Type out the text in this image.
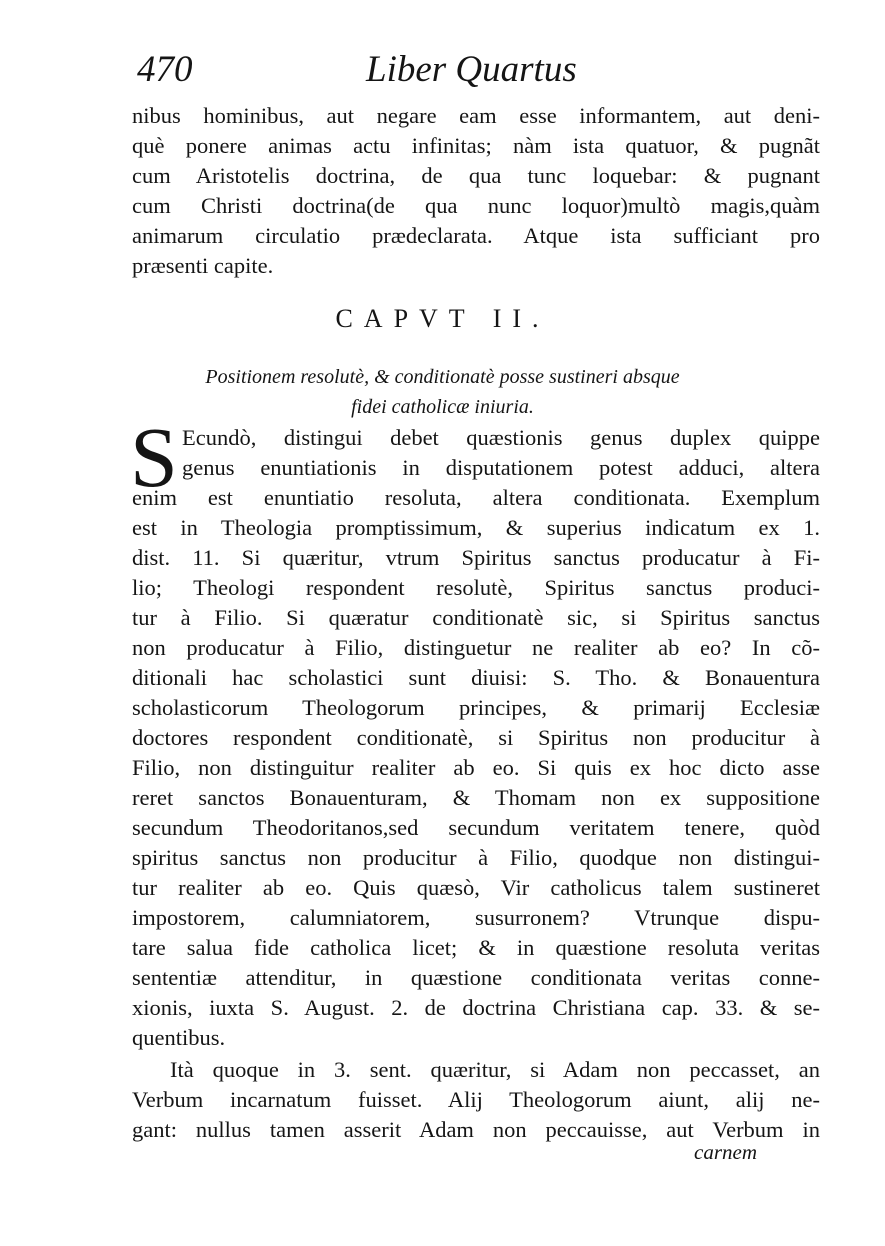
470	Liber Quartus
nibus hominibus, aut negare eam esse informantem, aut deni-
què ponere animas actu infinitas; nàm ista quatuor, & pugnãt
cum Aristotelis doctrina, de qua tunc loquebar: & pugnant
cum Christi doctrina(de qua nunc loquor)multò magis,quàm
animarum circulatio prædeclarata. Atque ista sufficiant pro
præsenti capite.
CAPVT II.
Positionem resolutè, & conditionatè posse sustineri absque
fidei catholicæ iniuria.
S Ecundò, distingui debet quæstionis genus duplex quippe
genus enuntiationis in disputationem potest adduci, altera
enim est enuntiatio resoluta, altera conditionata. Exemplum
est in Theologia promptissimum, & superius indicatum ex 1.
dist. 11. Si quæritur, vtrum Spiritus sanctus producatur à Fi-
lio; Theologi respondent resolutè, Spiritus sanctus produci-
tur à Filio. Si quæratur conditionatè sic, si Spiritus sanctus
non producatur à Filio, distinguetur ne realiter ab eo? In cõ-
ditionali hac scholastici sunt diuisi: S. Tho. & Bonauentura
scholasticorum Theologorum principes, & primarij Ecclesiæ
doctores respondent conditionatè, si Spiritus non producitur à
Filio, non distinguitur realiter ab eo. Si quis ex hoc dicto asse
reret sanctos Bonauenturam, & Thomam non ex suppositione
secundum Theodoritanos,sed secundum veritatem tenere, quòd
spiritus sanctus non producitur à Filio, quodque non distingui-
tur realiter ab eo. Quis quæsò, Vir catholicus talem sustineret
impostorem, calumniatorem, susurronem? Vtrunque dispu-
tare salua fide catholica licet; & in quæstione resoluta veritas
sententiæ attenditur, in quæstione conditionata veritas conne-
xionis, iuxta S. August. 2. de doctrina Christiana cap. 33. & se-
quentibus.
Ità quoque in 3. sent. quæritur, si Adam non peccasset, an
Verbum incarnatum fuisset. Alij Theologorum aiunt, alij ne-
gant: nullus tamen asserit Adam non peccauisse, aut Verbum in
carnem
